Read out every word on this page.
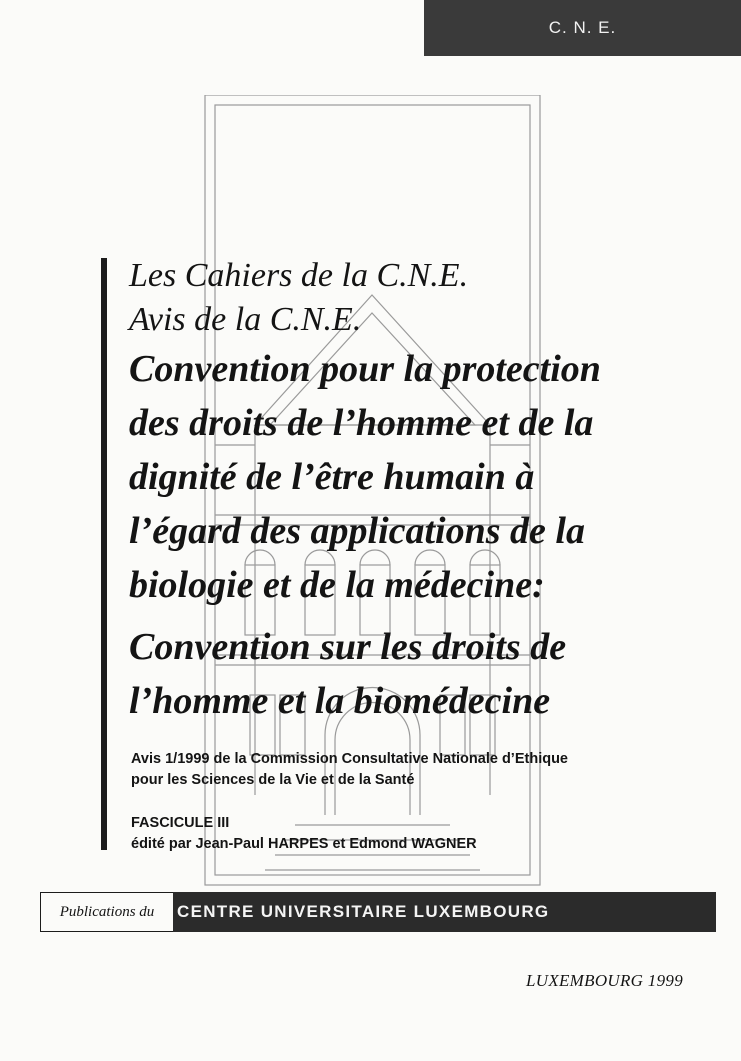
C. N. E.

Les Cahiers de la C.N.E.

Avis de la C.N.E.

Convention pour la protection

des droits de l’homme et de la

dignité de l’être humain à

l’égard des applications de la

biologie et de la médecine:

Convention sur les droits de

l’homme et la biomédecine

Avis 1/1999 de la Commission Consultative Nationale d’Ethique
pour les Sciences de la Vie et de la Santé
FASCICULE III
édité par Jean-Paul HARPES et Edmond WAGNER
Publications du	CENTRE UNIVERSITAIRE LUXEMBOURG
LUXEMBOURG 1999
